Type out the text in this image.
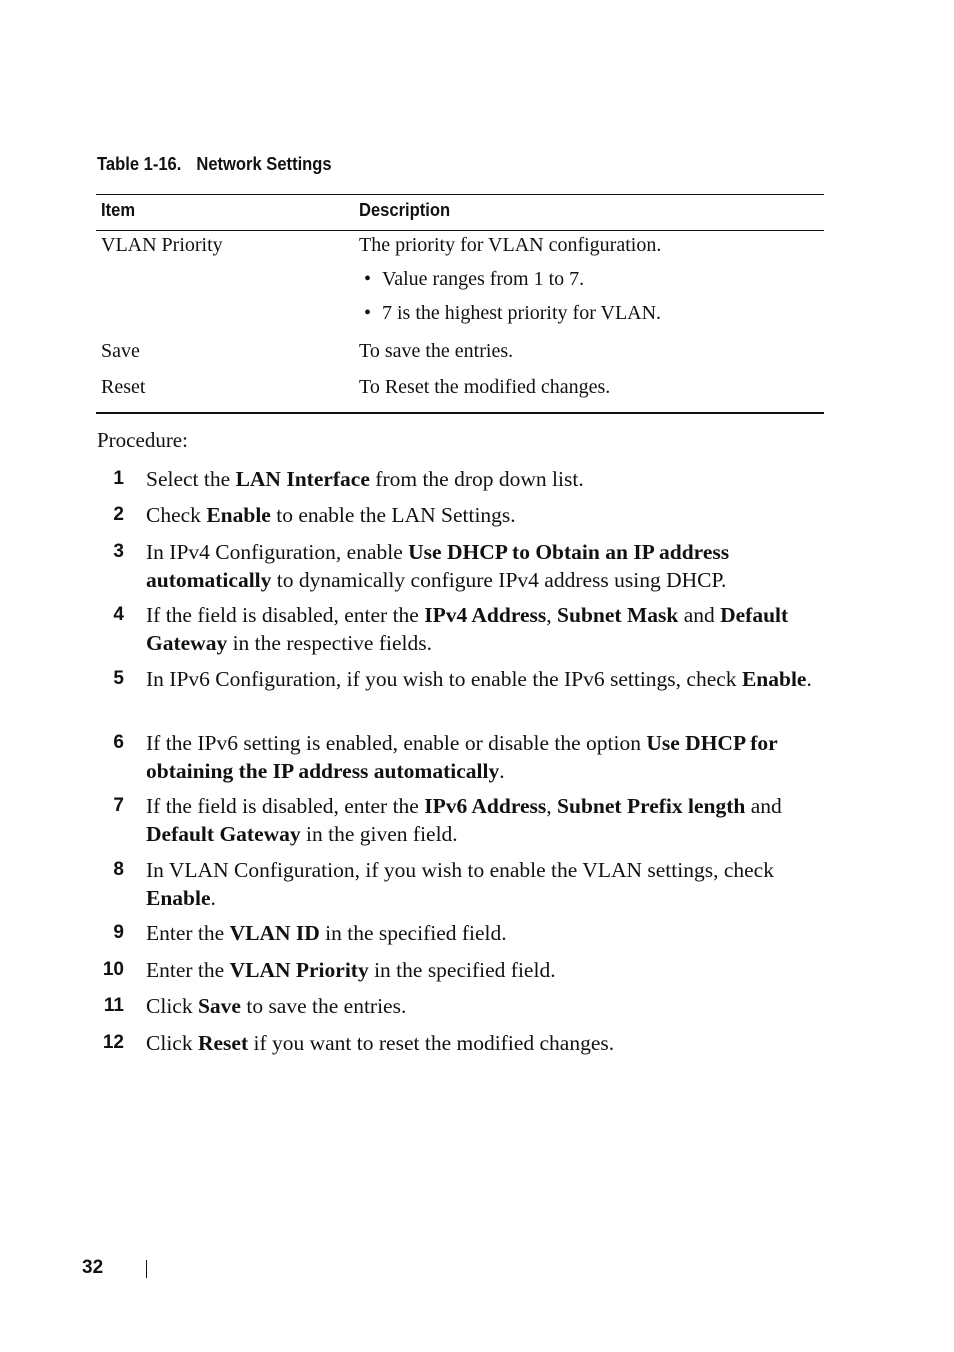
Table 1-16. Network Settings
Item	Description
VLAN Priority	The priority for VLAN configuration.
• Value ranges from 1 to 7.
• 7 is the highest priority for VLAN.
Save	To save the entries.
Reset	To Reset the modified changes.
Procedure:
1 Select the LAN Interface from the drop down list.
2 Check Enable to enable the LAN Settings.
3 In IPv4 Configuration, enable Use DHCP to Obtain an IP address automatically to dynamically configure IPv4 address using DHCP.
4 If the field is disabled, enter the IPv4 Address, Subnet Mask and Default Gateway in the respective fields.
5 In IPv6 Configuration, if you wish to enable the IPv6 settings, check Enable.
6 If the IPv6 setting is enabled, enable or disable the option Use DHCP for obtaining the IP address automatically.
7 If the field is disabled, enter the IPv6 Address, Subnet Prefix length and Default Gateway in the given field.
8 In VLAN Configuration, if you wish to enable the VLAN settings, check Enable.
9 Enter the VLAN ID in the specified field.
10 Enter the VLAN Priority in the specified field.
11 Click Save to save the entries.
12 Click Reset if you want to reset the modified changes.
32
